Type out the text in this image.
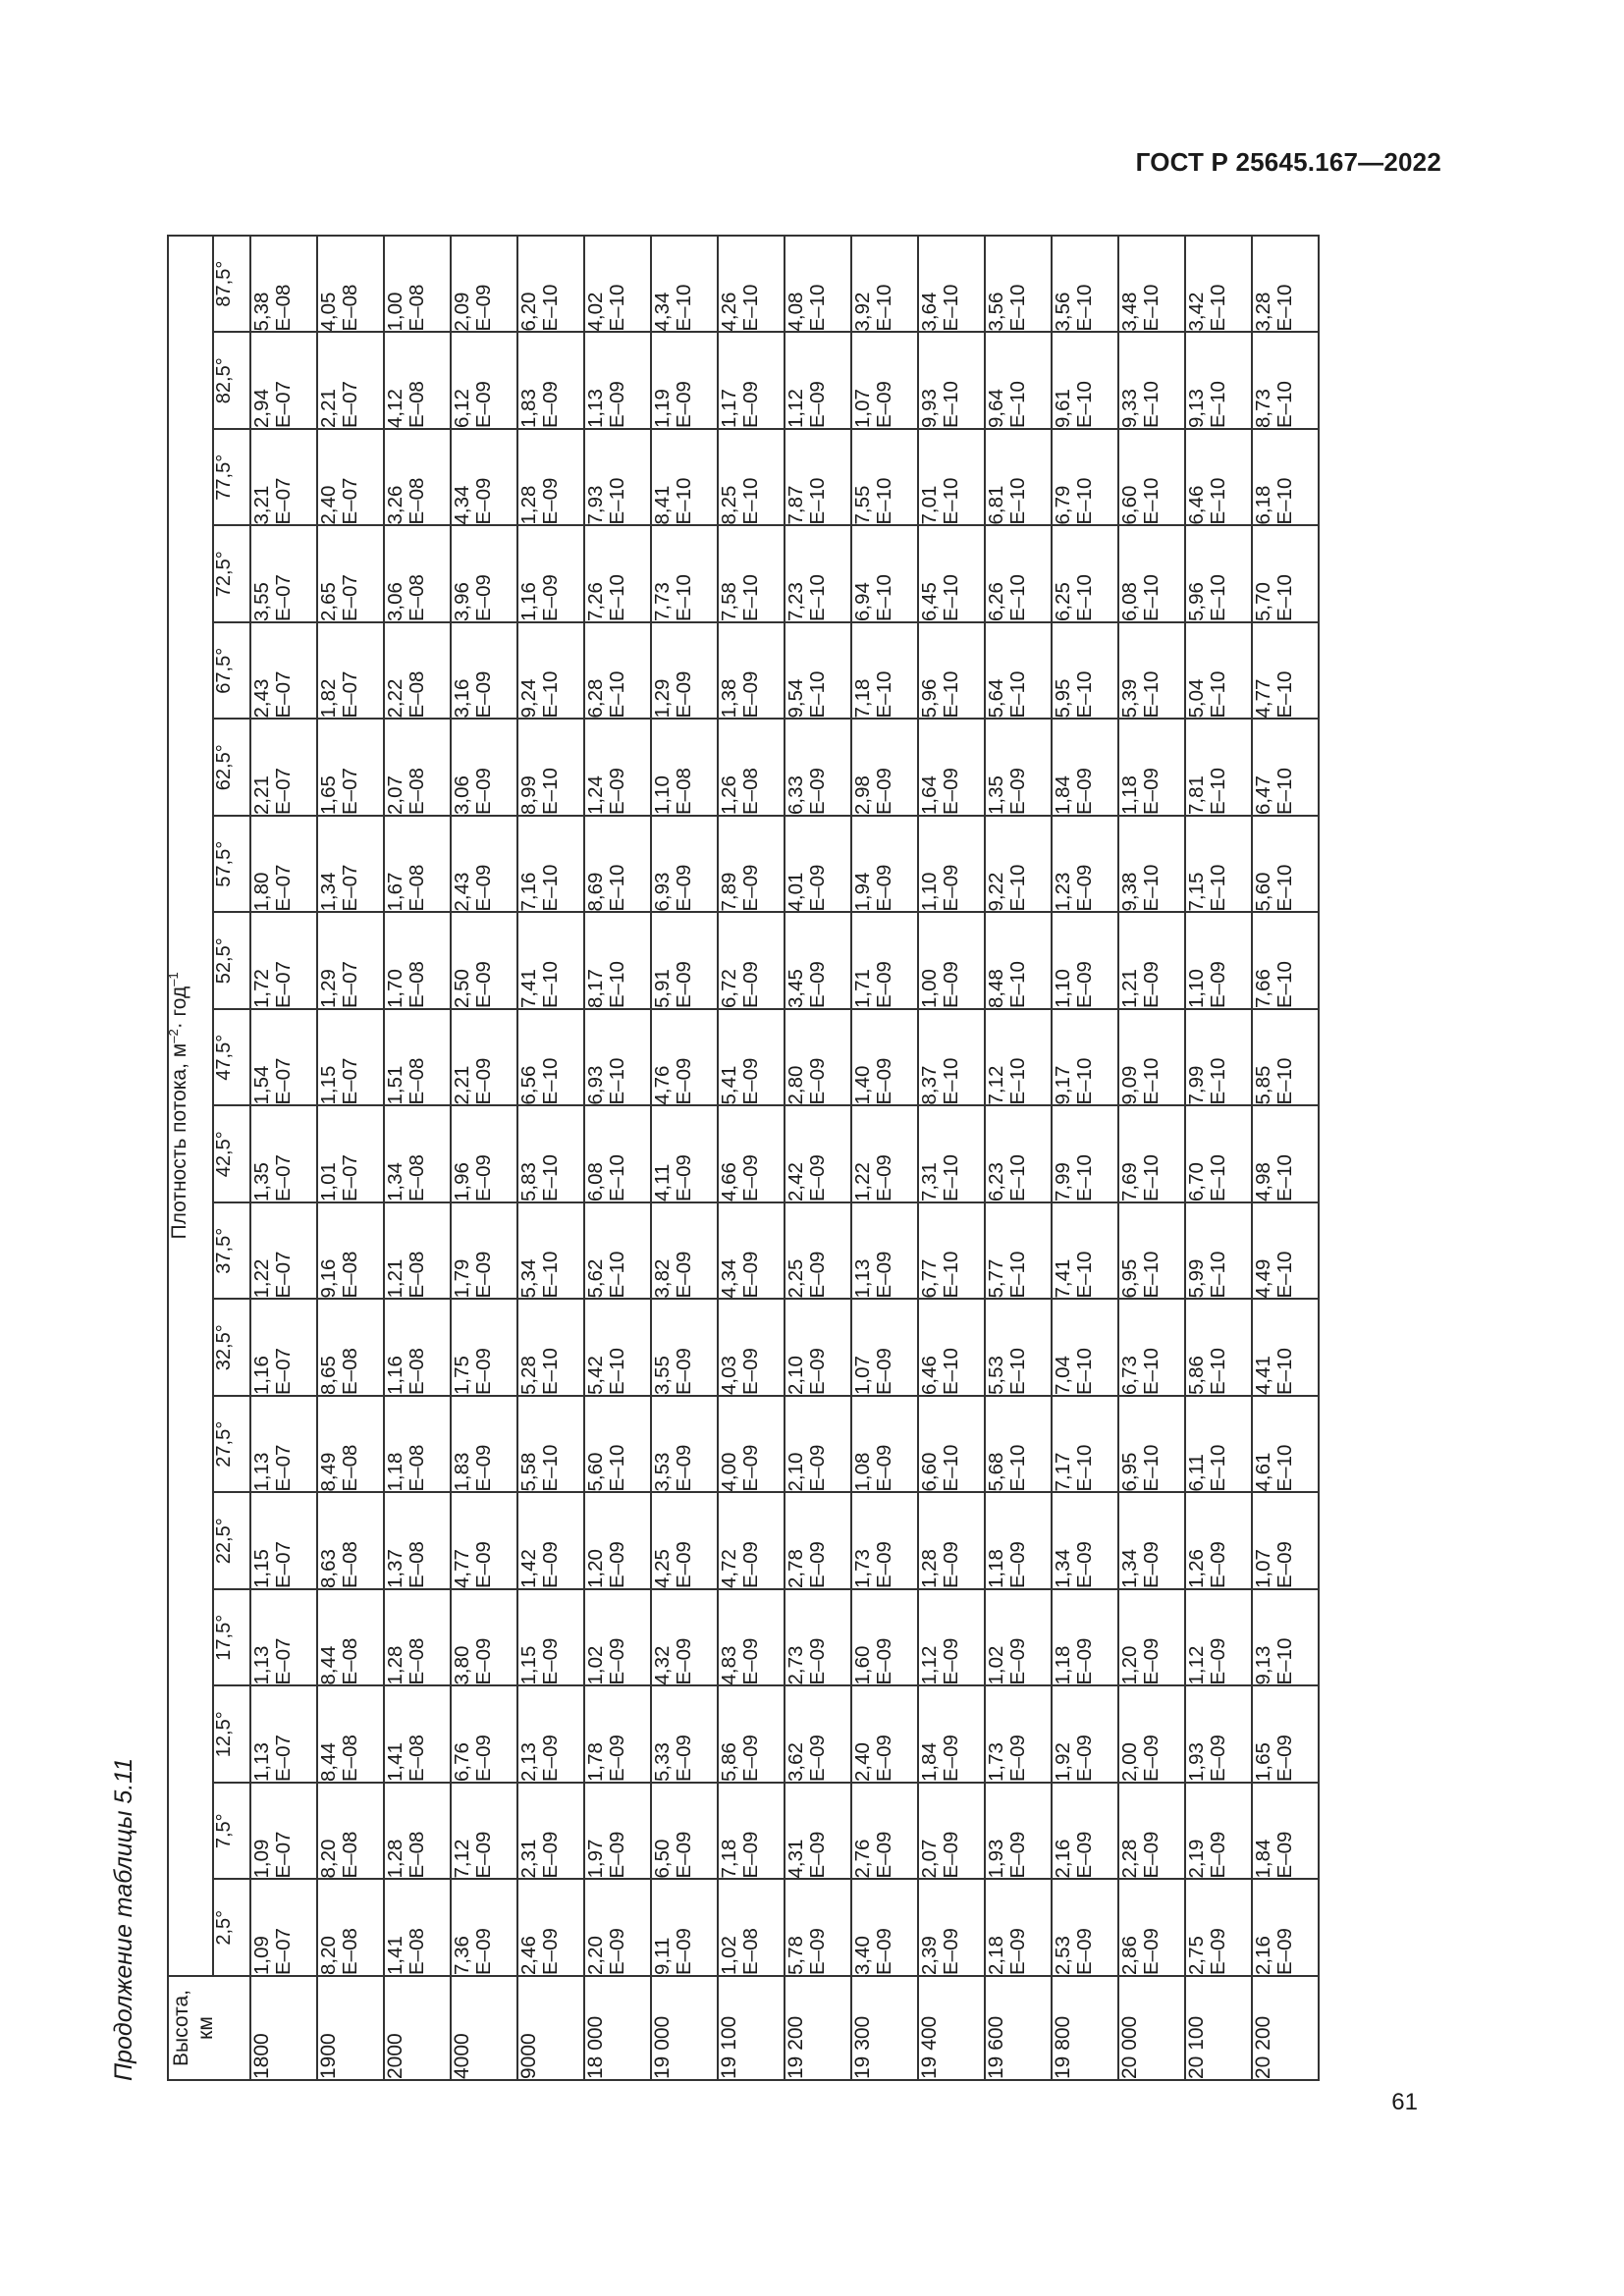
ГОСТ Р 25645.167—2022
Продолжение таблицы 5.11	Высота, км	Плотность потока, $м^{-2}\cdot год^{-1}$
	2,5°	7,5°	12,5°	17,5°	22,5°	27,5°	32,5°	37,5°	42,5°	47,5°	52,5°	57,5°	62,5°	67,5°	72,5°	77,5°	82,5°	87,5°
1800	1,09 E–07	1,09 E–07	1,13 E–07	1,13 E–07	1,15 E–07	1,13 E–07	1,16 E–07	1,22 E–07	1,35 E–07	1,54 E–07	1,72 E–07	1,80 E–07	2,21 E–07	2,43 E–07	3,55 E–07	3,21 E–07	2,94 E–07	5,38 E–08

1900	8,20 E–08	8,20 E–08	8,44 E–08	8,44 E–08	8,63 E–08	8,49 E–08	8,65 E–08	9,16 E–08	1,01 E–07	1,15 E–07	1,29 E–07	1,34 E–07	1,65 E–07	1,82 E–07	2,65 E–07	2,40 E–07	2,21 E–07	4,05 E–08

2000	1,41 E–08	1,28 E–08	1,41 E–08	1,28 E–08	1,37 E–08	1,18 E–08	1,16 E–08	1,21 E–08	1,34 E–08	1,51 E–08	1,70 E–08	1,67 E–08	2,07 E–08	2,22 E–08	3,06 E–08	3,26 E–08	4,12 E–08	1,00 E–08

4000	7,36 E–09	7,12 E–09	6,76 E–09	3,80 E–09	4,77 E–09	1,83 E–09	1,75 E–09	1,79 E–09	1,96 E–09	2,21 E–09	2,50 E–09	2,43 E–09	3,06 E–09	3,16 E–09	3,96 E–09	4,34 E–09	6,12 E–09	2,09 E–09

9000	2,46 E–09	2,31 E–09	2,13 E–09	1,15 E–09	1,42 E–09	5,58 E–10	5,28 E–10	5,34 E–10	5,83 E–10	6,56 E–10	7,41 E–10	7,16 E–10	8,99 E–10	9,24 E–10	1,16 E–09	1,28 E–09	1,83 E–09	6,20 E–10

18 000	2,20 E–09	1,97 E–09	1,78 E–09	1,02 E–09	1,20 E–09	5,60 E–10	5,42 E–10	5,62 E–10	6,08 E–10	6,93 E–10	8,17 E–10	8,69 E–10	1,24 E–09	6,28 E–10	7,26 E–10	7,93 E–10	1,13 E–09	4,02 E–10

19 000	9,11 E–09	6,50 E–09	5,33 E–09	4,32 E–09	4,25 E–09	3,53 E–09	3,55 E–09	3,82 E–09	4,11 E–09	4,76 E–09	5,91 E–09	6,93 E–09	1,10 E–08	1,29 E–09	7,73 E–10	8,41 E–10	1,19 E–09	4,34 E–10

19 100	1,02 E–08	7,18 E–09	5,86 E–09	4,83 E–09	4,72 E–09	4,00 E–09	4,03 E–09	4,34 E–09	4,66 E–09	5,41 E–09	6,72 E–09	7,89 E–09	1,26 E–08	1,38 E–09	7,58 E–10	8,25 E–10	1,17 E–09	4,26 E–10

19 200	5,78 E–09	4,31 E–09	3,62 E–09	2,73 E–09	2,78 E–09	2,10 E–09	2,10 E–09	2,25 E–09	2,42 E–09	2,80 E–09	3,45 E–09	4,01 E–09	6,33 E–09	9,54 E–10	7,23 E–10	7,87 E–10	1,12 E–09	4,08 E–10

19 300	3,40 E–09	2,76 E–09	2,40 E–09	1,60 E–09	1,73 E–09	1,08 E–09	1,07 E–09	1,13 E–09	1,22 E–09	1,40 E–09	1,71 E–09	1,94 E–09	2,98 E–09	7,18 E–10	6,94 E–10	7,55 E–10	1,07 E–09	3,92 E–10

19 400	2,39 E–09	2,07 E–09	1,84 E–09	1,12 E–09	1,28 E–09	6,60 E–10	6,46 E–10	6,77 E–10	7,31 E–10	8,37 E–10	1,00 E–09	1,10 E–09	1,64 E–09	5,96 E–10	6,45 E–10	7,01 E–10	9,93 E–10	3,64 E–10

19 600	2,18 E–09	1,93 E–09	1,73 E–09	1,02 E–09	1,18 E–09	5,68 E–10	5,53 E–10	5,77 E–10	6,23 E–10	7,12 E–10	8,48 E–10	9,22 E–10	1,35 E–09	5,64 E–10	6,26 E–10	6,81 E–10	9,64 E–10	3,56 E–10

19 800	2,53 E–09	2,16 E–09	1,92 E–09	1,18 E–09	1,34 E–09	7,17 E–10	7,04 E–10	7,41 E–10	7,99 E–10	9,17 E–10	1,10 E–09	1,23 E–09	1,84 E–09	5,95 E–10	6,25 E–10	6,79 E–10	9,61 E–10	3,56 E–10

20 000	2,86 E–09	2,28 E–09	2,00 E–09	1,20 E–09	1,34 E–09	6,95 E–10	6,73 E–10	6,95 E–10	7,69 E–10	9,09 E–10	1,21 E–09	9,38 E–10	1,18 E–09	5,39 E–10	6,08 E–10	6,60 E–10	9,33 E–10	3,48 E–10

20 100	2,75 E–09	2,19 E–09	1,93 E–09	1,12 E–09	1,26 E–09	6,11 E–10	5,86 E–10	5,99 E–10	6,70 E–10	7,99 E–10	1,10 E–09	7,15 E–10	7,81 E–10	5,04 E–10	5,96 E–10	6,46 E–10	9,13 E–10	3,42 E–10

20 200	2,16 E–09	1,84 E–09	1,65 E–09	9,13 E–10	1,07 E–09	4,61 E–10	4,41 E–10	4,49 E–10	4,98 E–10	5,85 E–10	7,66 E–10	5,60 E–10	6,47 E–10	4,77 E–10	5,70 E–10	6,18 E–10	8,73 E–10	3,28 E–10
61
